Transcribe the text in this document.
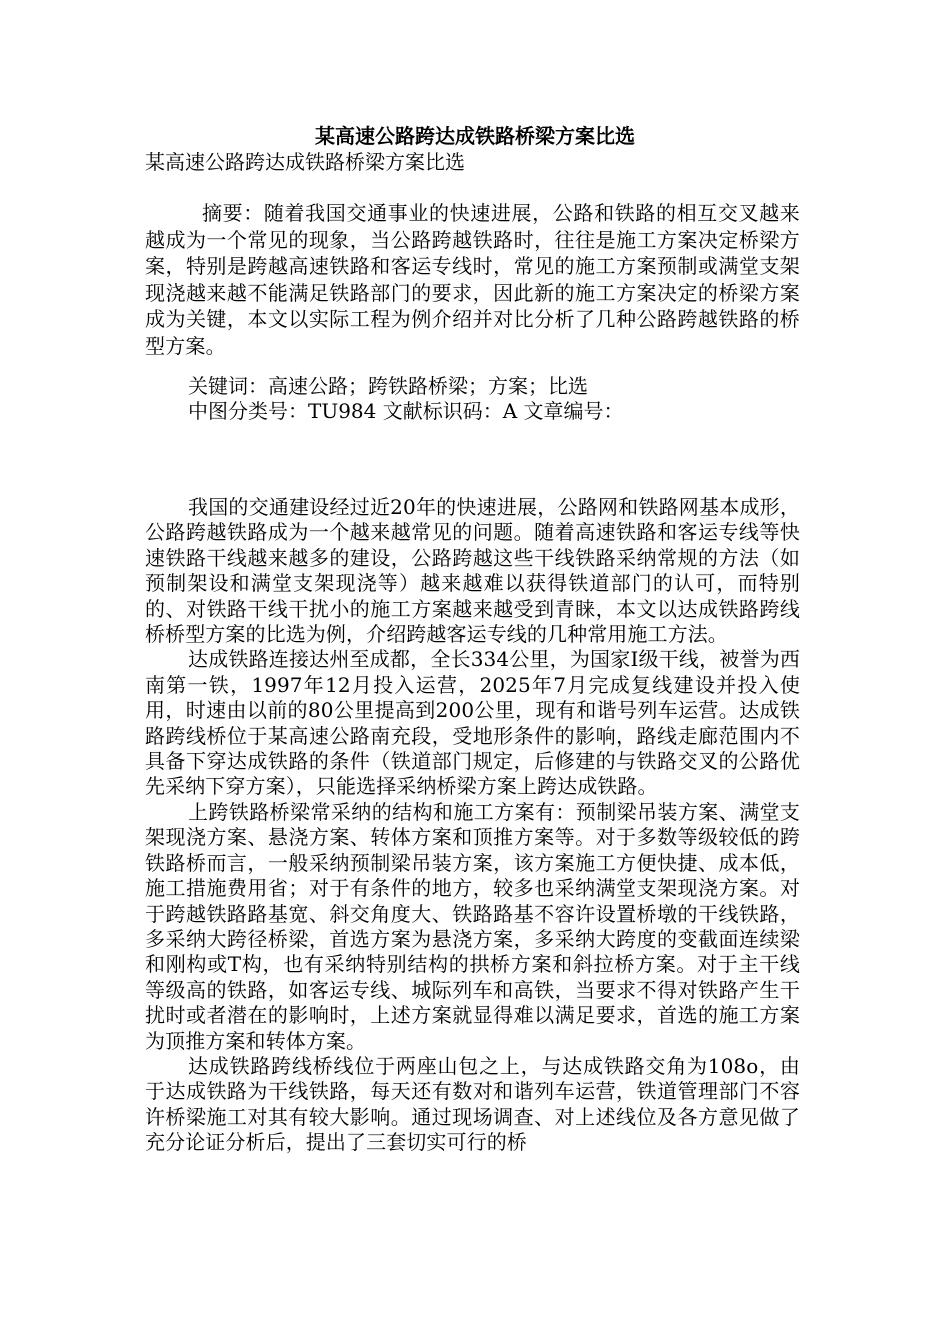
某高速公路跨达成铁路桥梁方案比选
某高速公路跨达成铁路桥梁方案比选

摘要：随着我国交通事业的快速进展，公路和铁路的相互交叉越来越成为一个常见的现象，当公路跨越铁路时，往往是施工方案决定桥梁方案，特别是跨越高速铁路和客运专线时，常见的施工方案预制或满堂支架现浇越来越不能满足铁路部门的要求，因此新的施工方案决定的桥梁方案成为关键，本文以实际工程为例介绍并对比分析了几种公路跨越铁路的桥型方案。

关键词：高速公路；跨铁路桥梁；方案；比选
中图分类号：TU984 文献标识码：A 文章编号：

我国的交通建设经过近20年的快速进展，公路网和铁路网基本成形，公路跨越铁路成为一个越来越常见的问题。随着高速铁路和客运专线等快速铁路干线越来越多的建设，公路跨越这些干线铁路采纳常规的方法（如预制架设和满堂支架现浇等）越来越难以获得铁道部门的认可，而特别的、对铁路干线干扰小的施工方案越来越受到青睐，本文以达成铁路跨线桥桥型方案的比选为例，介绍跨越客运专线的几种常用施工方法。

达成铁路连接达州至成都，全长334公里，为国家Ⅰ级干线，被誉为西南第一铁，1997年12月投入运营，2025年7月完成复线建设并投入使用，时速由以前的80公里提高到200公里，现有和谐号列车运营。达成铁路跨线桥位于某高速公路南充段，受地形条件的影响，路线走廊范围内不具备下穿达成铁路的条件（铁道部门规定，后修建的与铁路交叉的公路优先采纳下穿方案），只能选择采纳桥梁方案上跨达成铁路。

上跨铁路桥梁常采纳的结构和施工方案有：预制梁吊装方案、满堂支架现浇方案、悬浇方案、转体方案和顶推方案等。对于多数等级较低的跨铁路桥而言，一般采纳预制梁吊装方案，该方案施工方便快捷、成本低，施工措施费用省；对于有条件的地方，较多也采纳满堂支架现浇方案。对于跨越铁路路基宽、斜交角度大、铁路路基不容许设置桥墩的干线铁路，多采纳大跨径桥梁，首选方案为悬浇方案，多采纳大跨度的变截面连续梁和刚构或T构，也有采纳特别结构的拱桥方案和斜拉桥方案。对于主干线等级高的铁路，如客运专线、城际列车和高铁，当要求不得对铁路产生干扰时或者潜在的影响时，上述方案就显得难以满足要求，首选的施工方案为顶推方案和转体方案。

达成铁路跨线桥线位于两座山包之上，与达成铁路交角为108o，由于达成铁路为干线铁路，每天还有数对和谐列车运营，铁道管理部门不容许桥梁施工对其有较大影响。通过现场调查、对上述线位及各方意见做了充分论证分析后，提出了三套切实可行的桥
